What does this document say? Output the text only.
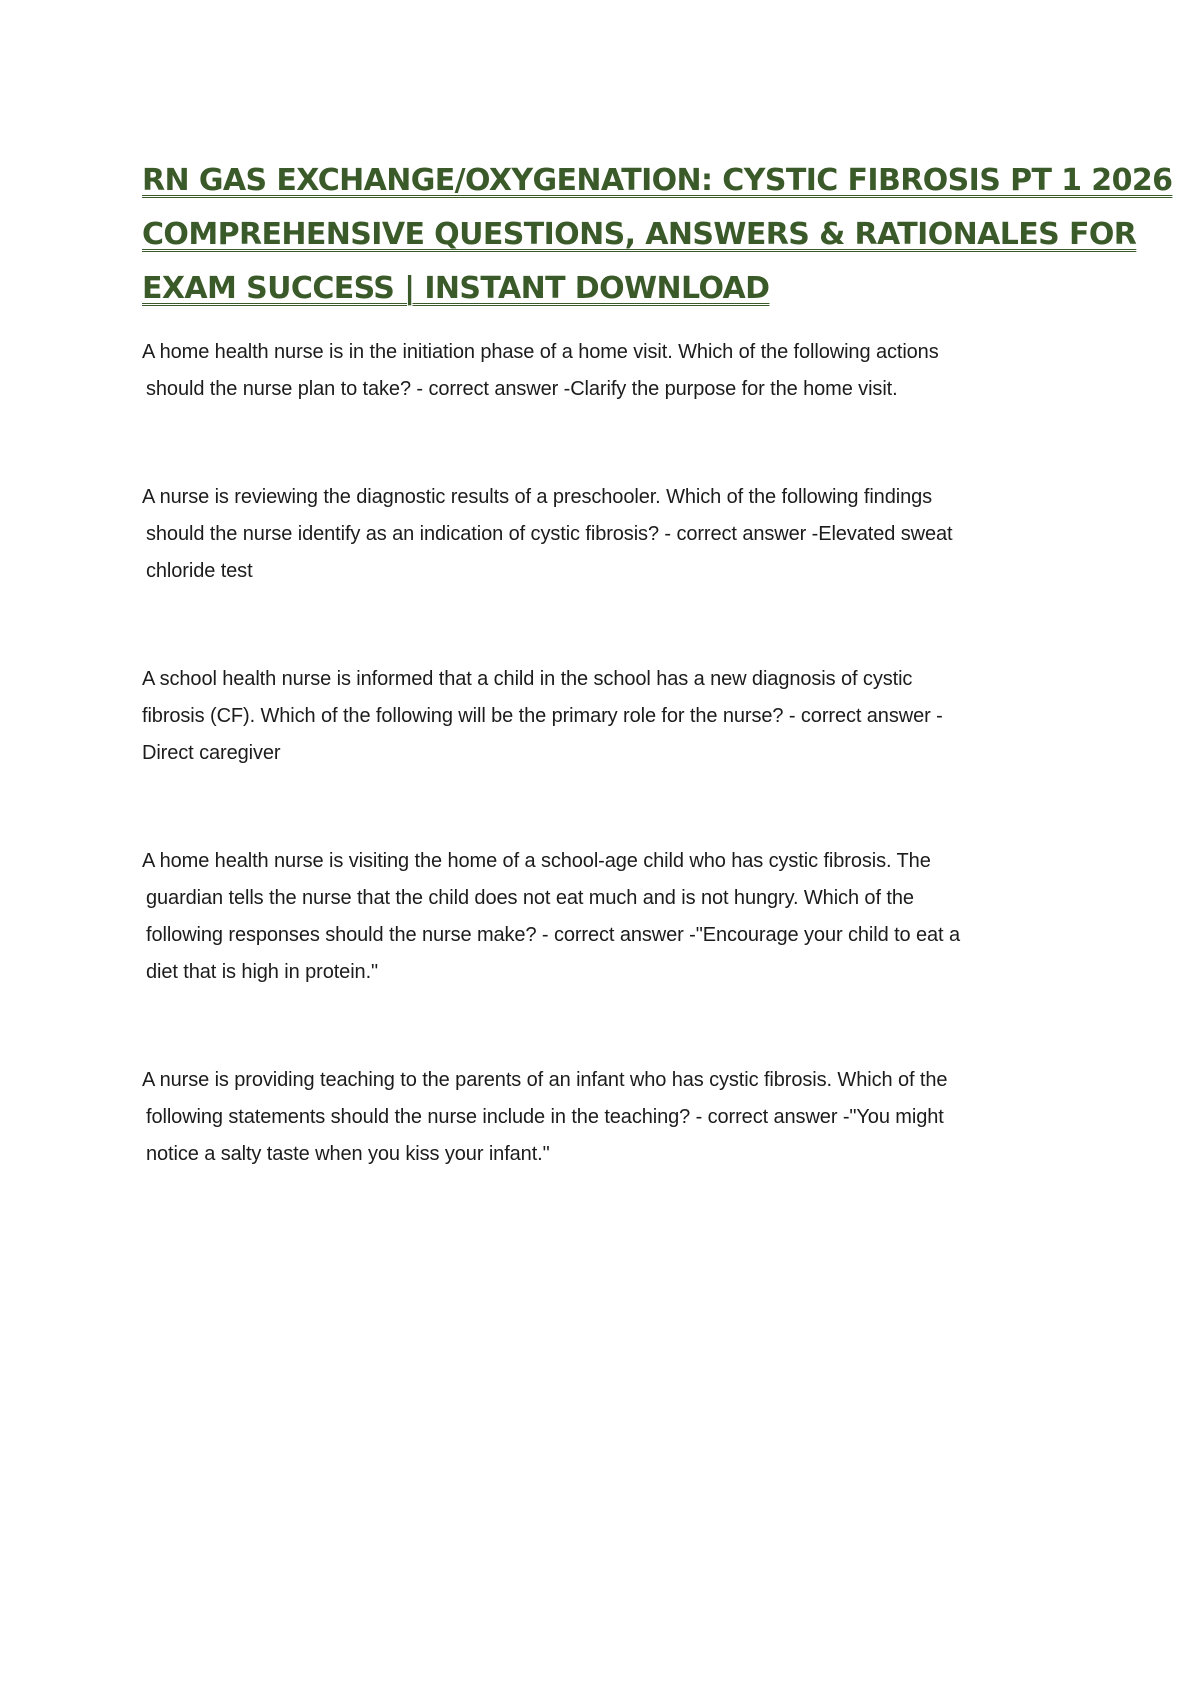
RN GAS EXCHANGE/OXYGENATION: CYSTIC FIBROSIS PT 1 2026
COMPREHENSIVE QUESTIONS, ANSWERS & RATIONALES FOR
EXAM SUCCESS | INSTANT DOWNLOAD
A home health nurse is in the initiation phase of a home visit. Which of the following actions
should the nurse plan to take? - correct answer -Clarify the purpose for the home visit.
A nurse is reviewing the diagnostic results of a preschooler. Which of the following findings
should the nurse identify as an indication of cystic fibrosis? - correct answer -Elevated sweat
chloride test
A school health nurse is informed that a child in the school has a new diagnosis of cystic
fibrosis (CF). Which of the following will be the primary role for the nurse? - correct answer -
Direct caregiver
A home health nurse is visiting the home of a school-age child who has cystic fibrosis. The
guardian tells the nurse that the child does not eat much and is not hungry. Which of the
following responses should the nurse make? - correct answer -"Encourage your child to eat a
diet that is high in protein."
A nurse is providing teaching to the parents of an infant who has cystic fibrosis. Which of the
following statements should the nurse include in the teaching? - correct answer -"You might
notice a salty taste when you kiss your infant."
